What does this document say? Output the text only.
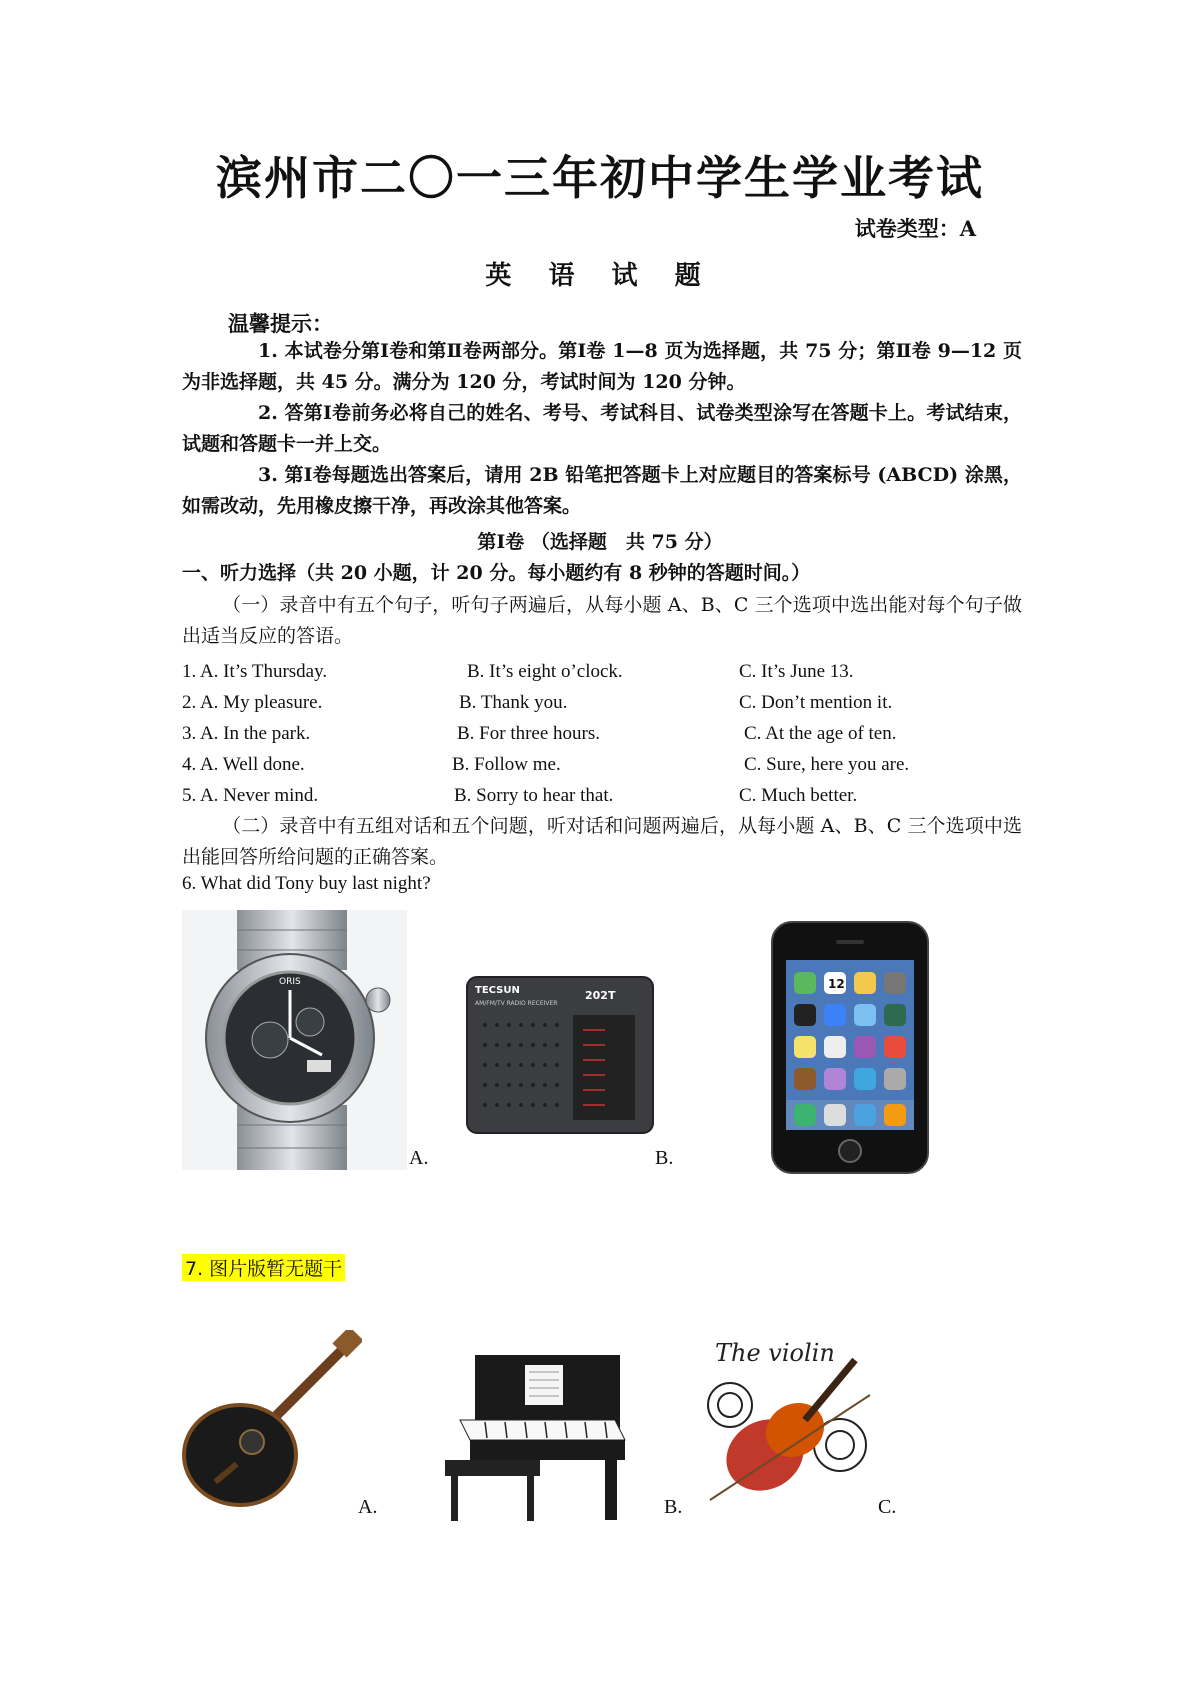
滨州市二〇一三年初中学生学业考试
试卷类型：A
英 语 试 题
温馨提示：
1. 本试卷分第Ⅰ卷和第Ⅱ卷两部分。第Ⅰ卷 1—8 页为选择题，共 75 分；第Ⅱ卷 9—12 页为非选择题，共 45 分。满分为 120 分，考试时间为 120 分钟。
2. 答第Ⅰ卷前务必将自己的姓名、考号、考试科目、试卷类型涂写在答题卡上。考试结束，试题和答题卡一并上交。
3. 第Ⅰ卷每题选出答案后，请用 2B 铅笔把答题卡上对应题目的答案标号 (ABCD) 涂黑，如需改动，先用橡皮擦干净，再改涂其他答案。
第Ⅰ卷 （选择题　共 75 分）
一、听力选择（共 20 小题，计 20 分。每小题约有 8 秒钟的答题时间。）
（一）录音中有五个句子，听句子两遍后，从每小题 A、B、C 三个选项中选出能对每个句子做出适当反应的答语。
1. A. It’s Thursday.	B. It’s eight o’clock.	C. It’s June 13.
2. A. My pleasure.	B. Thank you.	C. Don’t mention it.
3. A. In the park.	B. For three hours.	C. At the age of ten.
4. A. Well done.	B. Follow me.	C. Sure, here you are.
5. A. Never mind.	B. Sorry to hear that.	C. Much better.
（二）录音中有五组对话和五个问题，听对话和问题两遍后，从每小题 A、B、C 三个选项中选出能回答所给问题的正确答案。
6. What did Tony buy last night?
ORIS
A.
TECSUN
AM/FM/TV RADIO RECEIVER
202T
B.
12
7. 图片版暂无题干
A.	B.
The violin
C.
